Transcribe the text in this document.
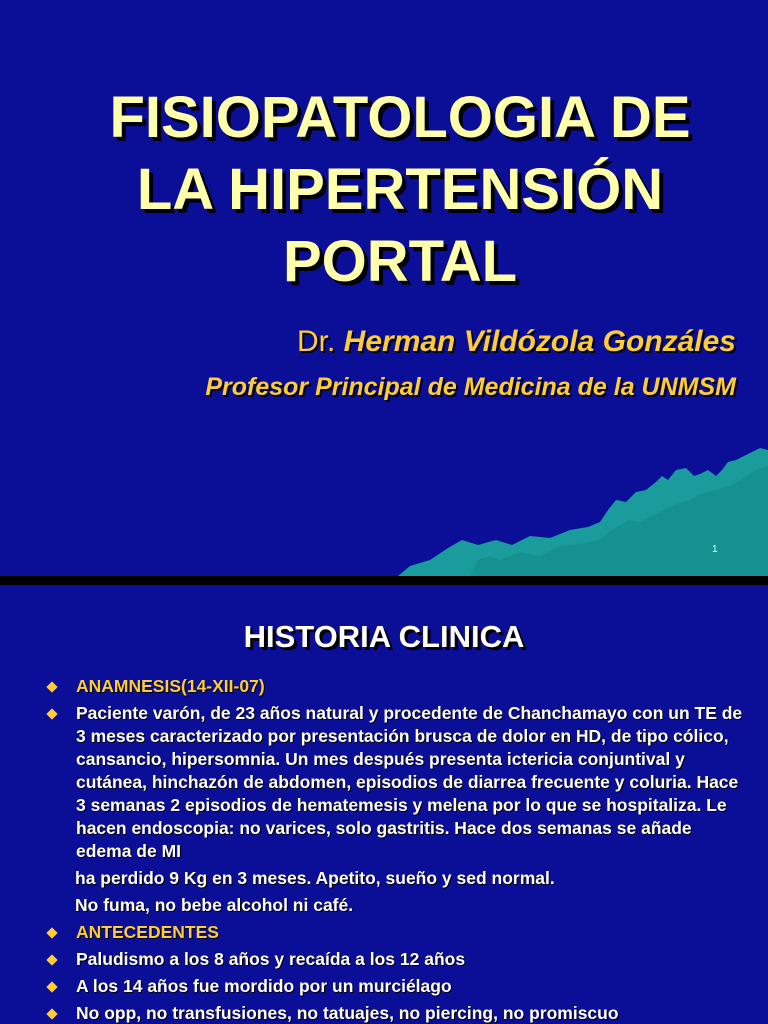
FISIOPATOLOGIA DE
LA HIPERTENSIÓN
PORTAL
Dr. Herman Vildózola Gonzáles
Profesor Principal de Medicina de la UNMSM
1
HISTORIA CLINICA
ANAMNESIS(14-XII-07)
Paciente varón, de 23 años natural y procedente de Chanchamayo con un TE de 3 meses caracterizado por presentación brusca de dolor en HD, de tipo cólico, cansancio, hipersomnia. Un mes después presenta ictericia conjuntival y cutánea, hinchazón de abdomen, episodios de diarrea frecuente y coluria. Hace 3 semanas 2 episodios de hematemesis y melena por lo que se hospitaliza. Le hacen endoscopia: no varices, solo gastritis. Hace dos semanas se añade edema de MI
ha perdido 9 Kg en 3 meses. Apetito, sueño y sed normal.
No fuma, no bebe alcohol ni café.
ANTECEDENTES
Paludismo a los 8 años y recaída a los 12 años
A los 14 años fue mordido por un murciélago
No opp, no transfusiones, no tatuajes, no piercing, no promiscuo
